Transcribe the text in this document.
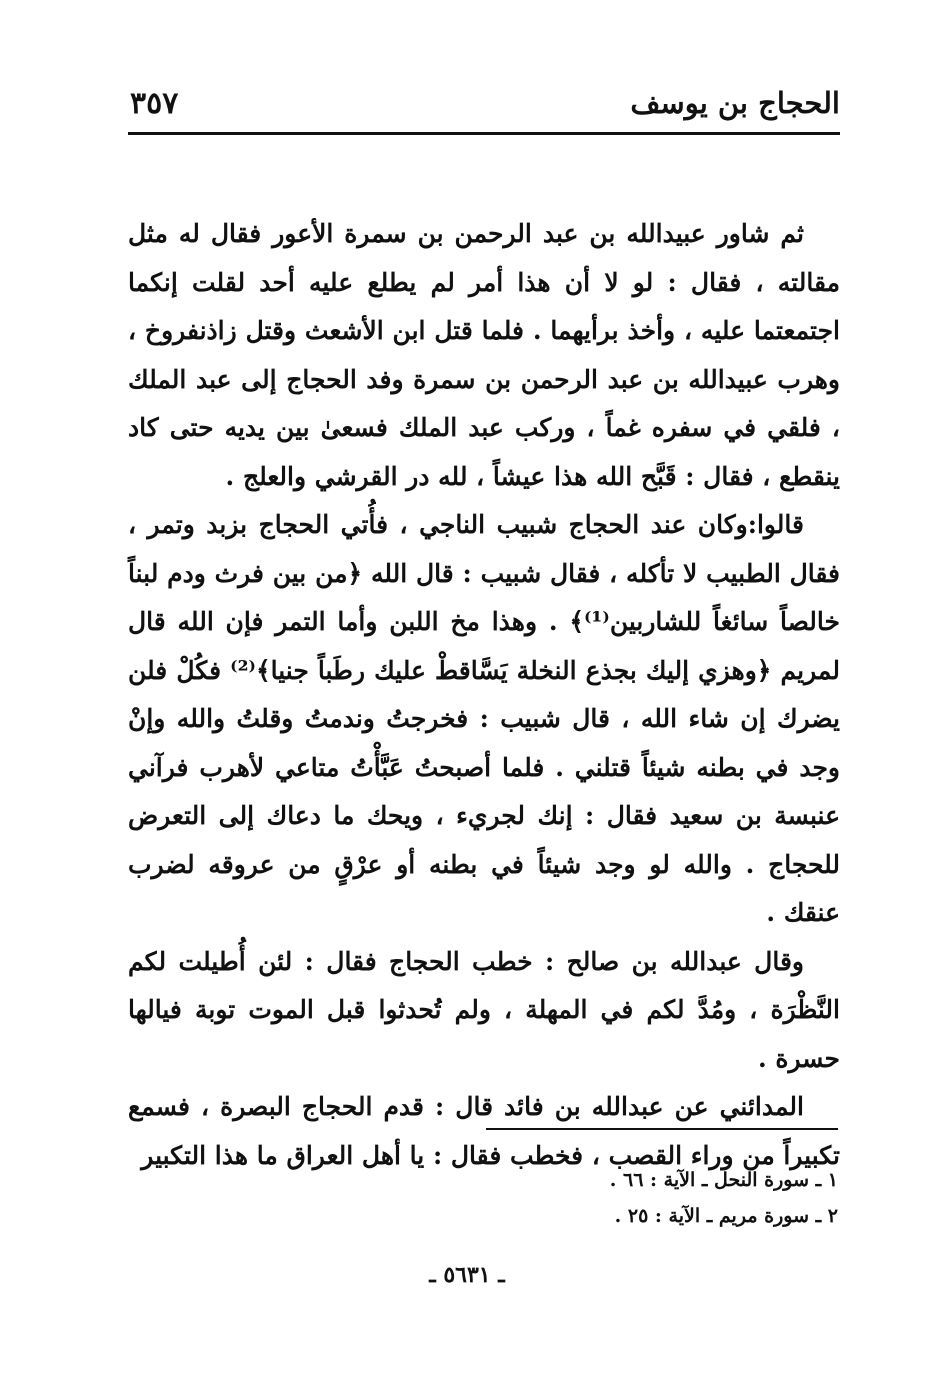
الحجاج بن يوسف
٣٥٧

ثم شاور عبيدالله بن عبد الرحمن بن سمرة الأعور فقال له مثل مقالته ، فقال : لو لا أن هذا أمر لم يطلع عليه أحد لقلت إنكما اجتمعتما عليه ، وأخذ برأيهما . فلما قتل ابن الأشعث وقتل زاذنفروخ ، وهرب عبيدالله بن عبد الرحمن بن سمرة وفد الحجاج إلى عبد الملك ، فلقي في سفره غماً ، وركب عبد الملك فسعىٰ بين يديه حتى كاد ينقطع ، فقال : قَبَّح الله هذا عيشاً ، لله در القرشي والعلج .

قالوا:وكان عند الحجاج شبيب الناجي ، فأُتي الحجاج بزبد وتمر ، فقال الطبيب لا تأكله ، فقال شبيب : قال الله ﴿من بين فرث ودم لبناً خالصاً سائغاً للشاربين⁽¹⁾﴾ . وهذا مخ اللبن وأما التمر فإن الله قال لمريم ﴿وهزي إليك بجذع النخلة يَسَّاقطْ عليك رطَباً جنيا﴾⁽²⁾ فكُلْ فلن يضرك إن شاء الله ، قال شبيب : فخرجتُ وندمتُ وقلتُ والله وإنْ وجد في بطنه شيئاً قتلني . فلما أصبحتُ عَبَّأْتُ متاعي لأهرب فرآني عنبسة بن سعيد فقال : إنك لجريء ، ويحك ما دعاك إلى التعرض للحجاج . والله لو وجد شيئاً في بطنه أو عرْقٍ من عروقه لضرب عنقك .

وقال عبدالله بن صالح : خطب الحجاج فقال : لئن أُطيلت لكم النَّظْرَة ، ومُدَّ لكم في المهلة ، ولم تُحدثوا قبل الموت توبة فيالها حسرة .

المدائني عن عبدالله بن فائد قال : قدم الحجاج البصرة ، فسمع تكبيراً من وراء القصب ، فخطب فقال : يا أهل العراق ما هذا التكبير

١ ـ سورة النحل ـ الآية : ٦٦ .

٢ ـ سورة مريم ـ الآية : ٢٥ .

ـ ٥٦٣١ ـ
